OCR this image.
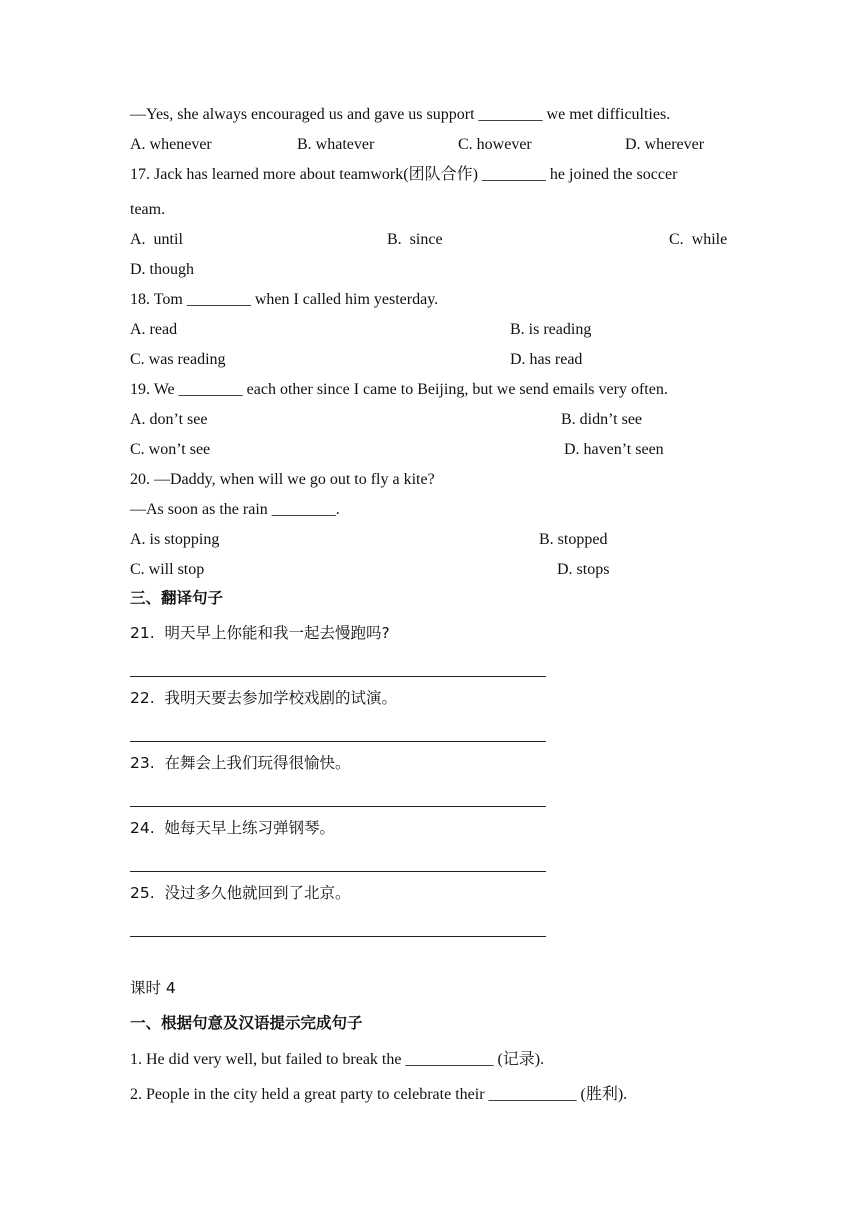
—Yes, she always encouraged us and gave us support ________ we met difficulties.
A. whenever	B. whatever	C. however	D. wherever
17. Jack has learned more about teamwork(团队合作) ________ he joined the soccer
team.
A.  until	B.  since	C.  while
D. though
18. Tom ________ when I called him yesterday.
A. read	B. is reading
C. was reading	D. has read
19. We ________ each other since I came to Beijing, but we send emails very often.
A. don’t see	B. didn’t see
C. won’t see	D. haven’t seen
20. —Daddy, when will we go out to fly a kite?
—As soon as the rain ________.
A. is stopping	B. stopped
C. will stop	D. stops
三、翻译句子
21.  明天早上你能和我一起去慢跑吗?
22.  我明天要去参加学校戏剧的试演。
23.  在舞会上我们玩得很愉快。
24.  她每天早上练习弹钢琴。
25.  没过多久他就回到了北京。
课时 4
一、根据句意及汉语提示完成句子
1. He did very well, but failed to break the ___________ (记录).
2. People in the city held a great party to celebrate their ___________ (胜利).
